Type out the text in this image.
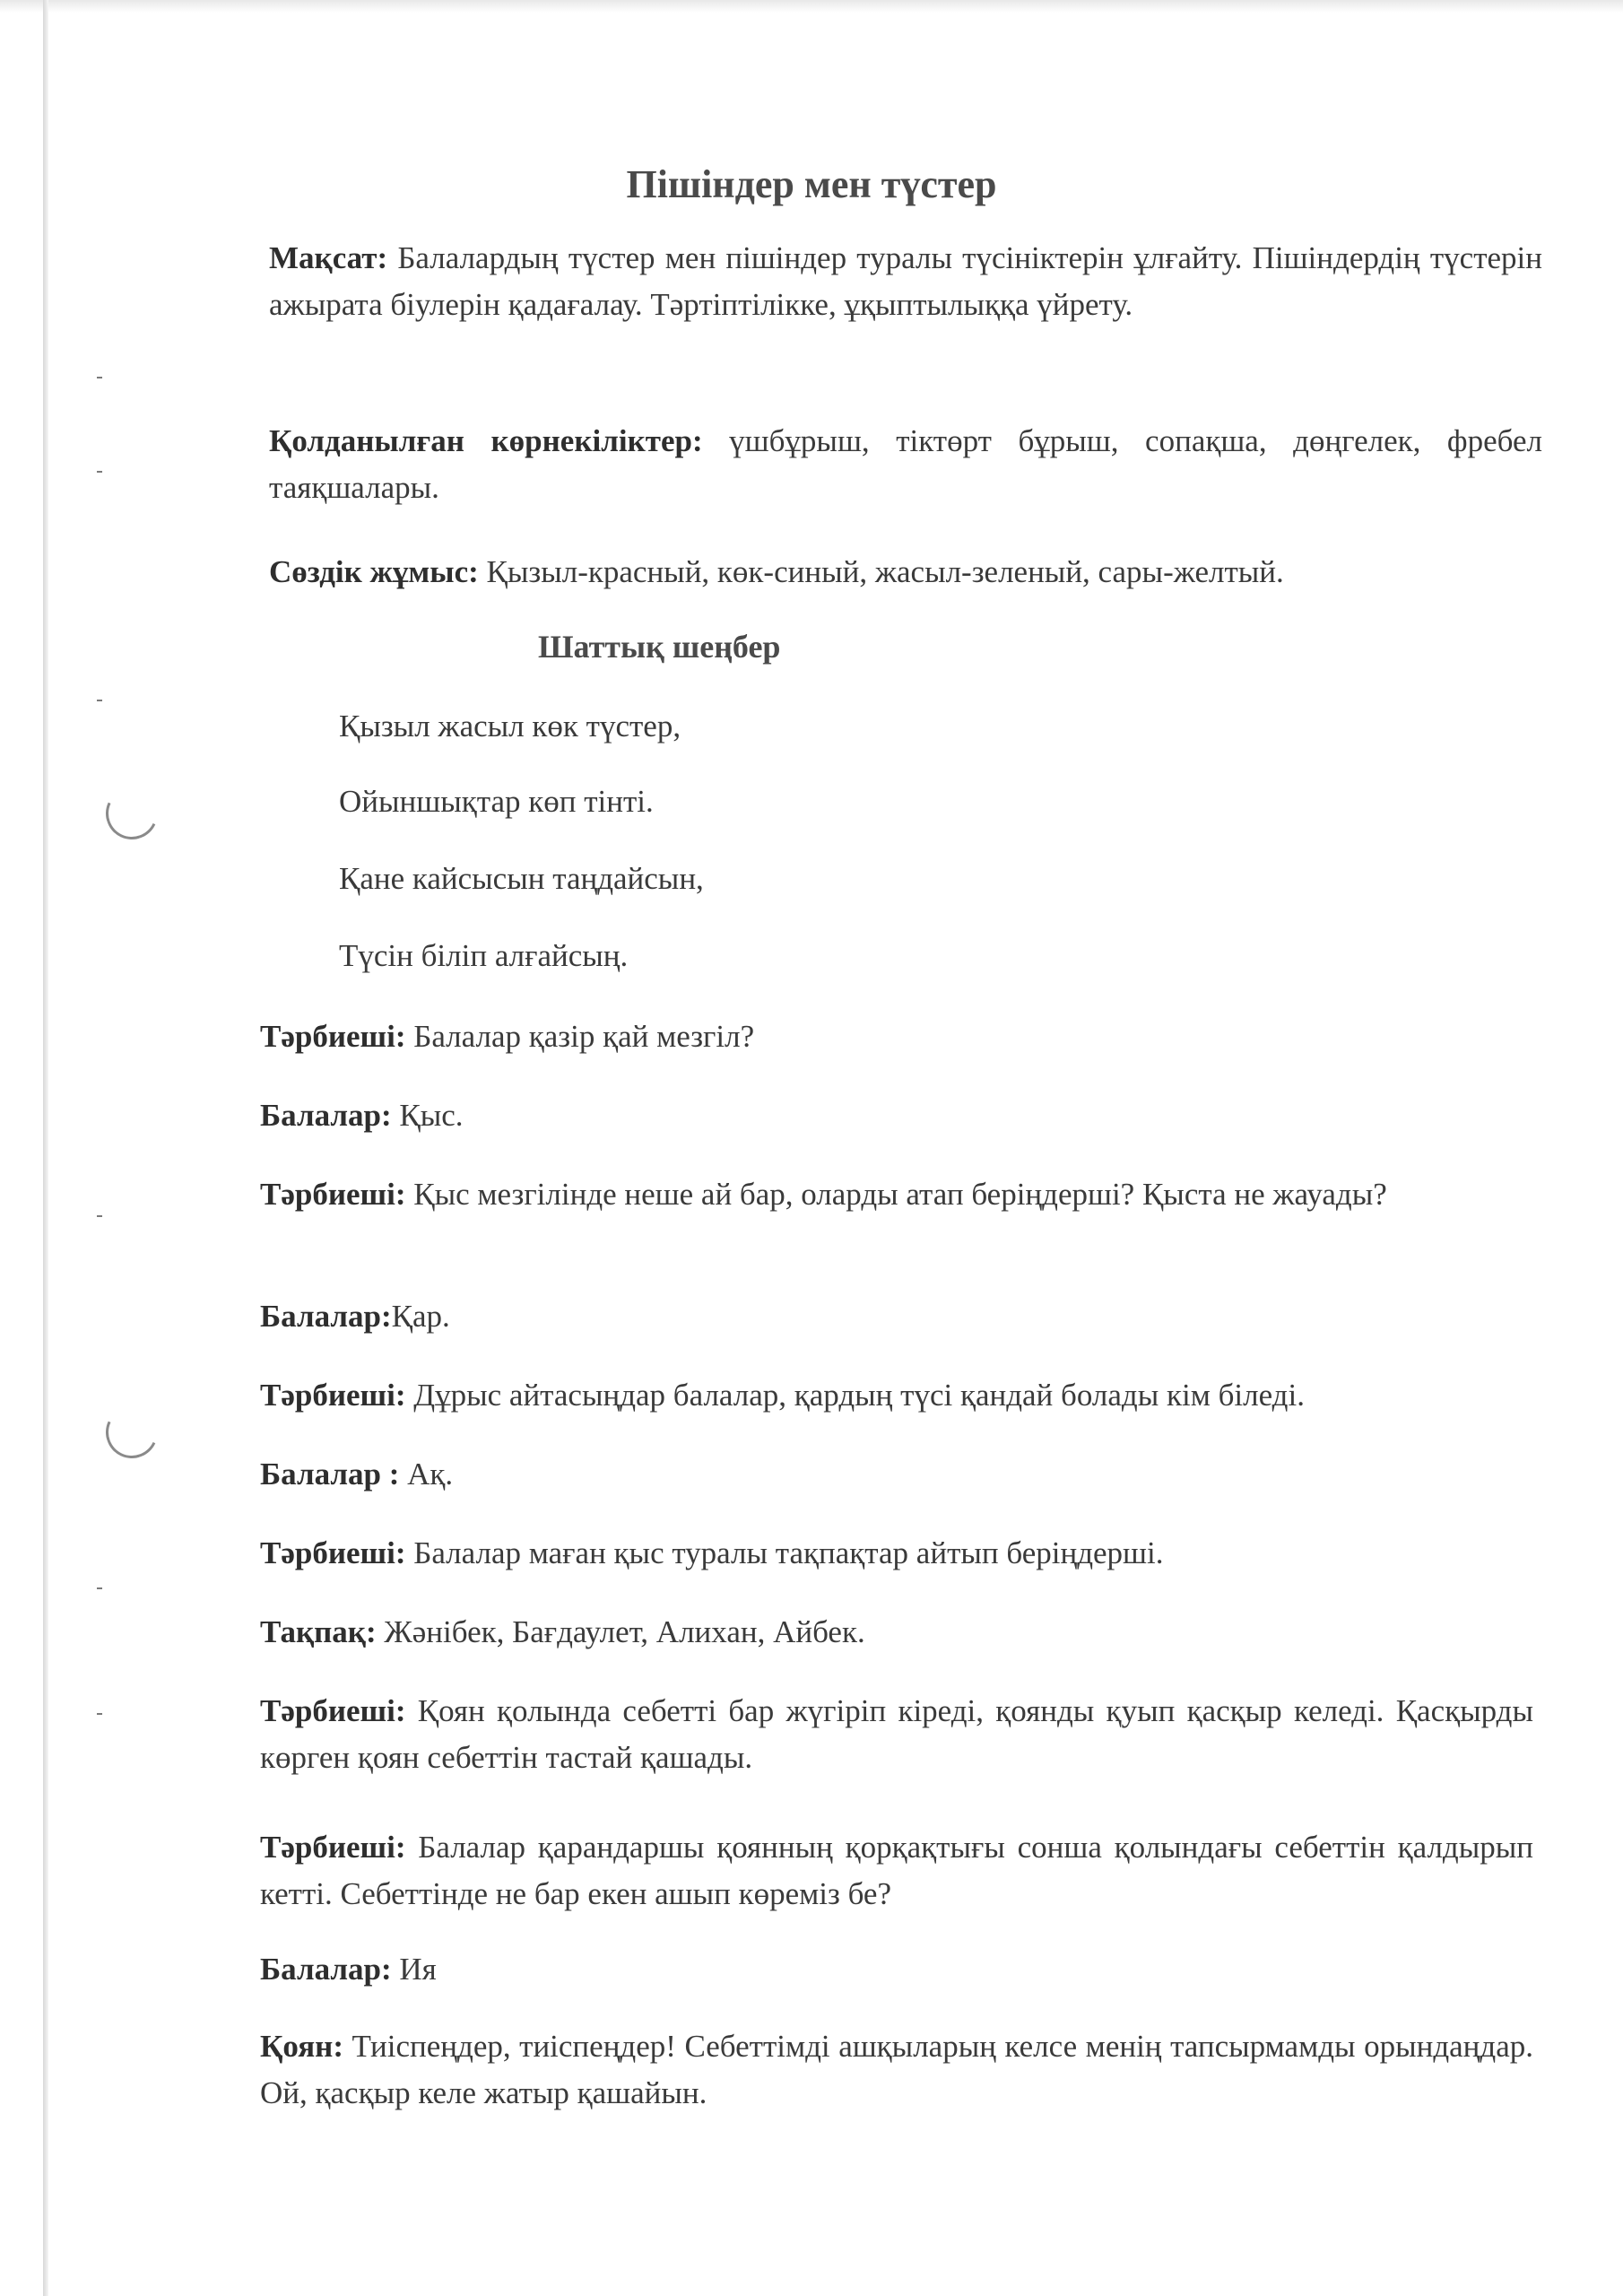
Пішіндер мен түстер

Мақсат: Балалардың түстер мен пішіндер туралы түсініктерін ұлғайту. Пішіндердің түстерін ажырата біулерін қадағалау. Тәртіптілікке, ұқыптылыққа үйрету.

Қолданылған көрнекіліктер: үшбұрыш, тіктөрт бұрыш, сопақша, дөңгелек, фребел таяқшалары.

Сөздік жұмыс: Қызыл-красный, көк-синый, жасыл-зеленый, сары-желтый.

Шаттық шеңбер

Қызыл жасыл көк түстер,

Ойыншықтар көп тінті.

Қане кайсысын таңдайсын,

Түсін біліп алғайсың.

Тәрбиеші: Балалар қазір қай мезгіл?

Балалар: Қыс.

Тәрбиеші: Қыс мезгілінде неше ай бар, оларды атап беріңдерші? Қыста не жауады?

Балалар:Қар.

Тәрбиеші: Дұрыс айтасыңдар балалар, қардың түсі қандай болады кім біледі.

Балалар : Ақ.

Тәрбиеші: Балалар маған қыс туралы тақпақтар айтып беріңдерші.

Тақпақ: Жәнібек, Бағдаулет, Алихан, Айбек.

Тәрбиеші: Қоян қолында себетті бар жүгіріп кіреді, қоянды қуып қасқыр келеді. Қасқырды көрген қоян себеттін тастай қашады.

Тәрбиеші: Балалар қарандаршы қоянның қорқақтығы сонша қолындағы себеттін қалдырып кетті. Себеттінде не бар екен ашып көреміз бе?

Балалар: Ия

Қоян: Тиіспеңдер, тиіспеңдер! Себеттімді ашқыларың келсе менің тапсырмамды орындаңдар. Ой, қасқыр келе жатыр қашайын.
